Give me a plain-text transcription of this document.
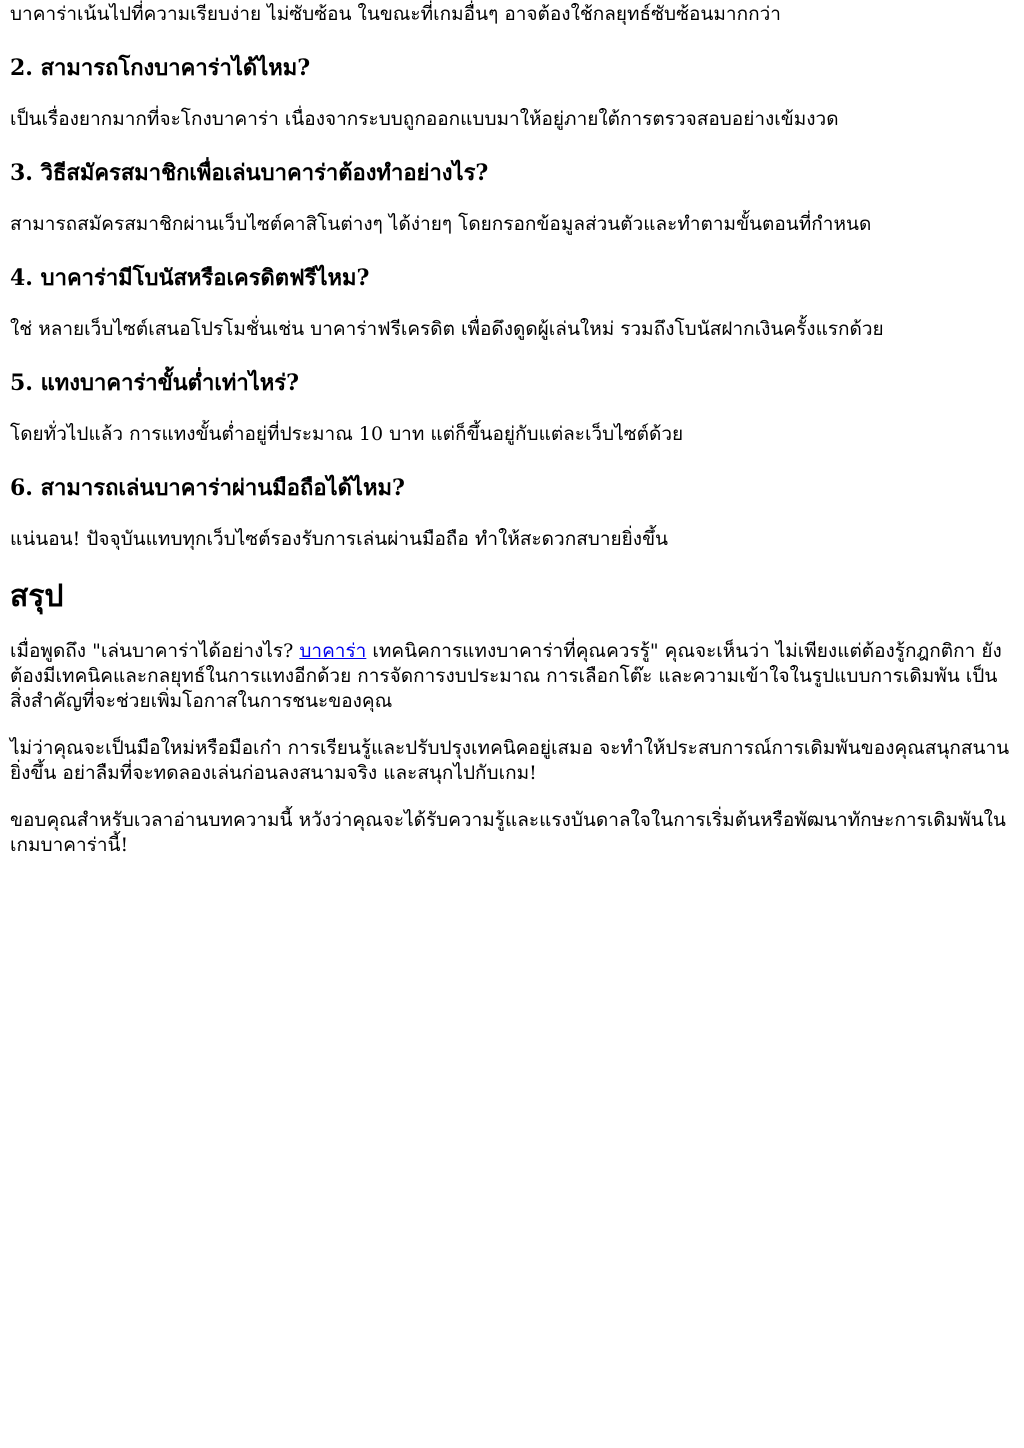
บาคาร่าเน้นไปที่ความเรียบง่าย ไม่ซับซ้อน ในขณะที่เกมอื่นๆ อาจต้องใช้กลยุทธ์ซับซ้อนมากกว่า

2. สามารถโกงบาคาร่าได้ไหม?

เป็นเรื่องยากมากที่จะโกงบาคาร่า เนื่องจากระบบถูกออกแบบมาให้อยู่ภายใต้การตรวจสอบอย่างเข้มงวด

3. วิธีสมัครสมาชิกเพื่อเล่นบาคาร่าต้องทำอย่างไร?

สามารถสมัครสมาชิกผ่านเว็บไซต์คาสิโนต่างๆ ได้ง่ายๆ โดยกรอกข้อมูลส่วนตัวและทำตามขั้นตอนที่กำหนด

4. บาคาร่ามีโบนัสหรือเครดิตฟรีไหม?

ใช่ หลายเว็บไซต์เสนอโปรโมชั่นเช่น บาคาร่าฟรีเครดิต เพื่อดึงดูดผู้เล่นใหม่ รวมถึงโบนัสฝากเงินครั้งแรกด้วย

5. แทงบาคาร่าขั้นต่ำเท่าไหร่?

โดยทั่วไปแล้ว การแทงขั้นต่ำอยู่ที่ประมาณ 10 บาท แต่ก็ขึ้นอยู่กับแต่ละเว็บไซต์ด้วย

6. สามารถเล่นบาคาร่าผ่านมือถือได้ไหม?

แน่นอน! ปัจจุบันแทบทุกเว็บไซต์รองรับการเล่นผ่านมือถือ ทำให้สะดวกสบายยิ่งขึ้น

สรุป

เมื่อพูดถึง "เล่นบาคาร่าได้อย่างไร? บาคาร่า เทคนิคการแทงบาคาร่าที่คุณควรรู้" คุณจะเห็นว่า ไม่เพียงแต่ต้องรู้กฎกติกา ยังต้องมีเทคนิคและกลยุทธ์ในการแทงอีกด้วย การจัดการงบประมาณ การเลือกโต๊ะ และความเข้าใจในรูปแบบการเดิมพัน เป็นสิ่งสำคัญที่จะช่วยเพิ่มโอกาสในการชนะของคุณ

ไม่ว่าคุณจะเป็นมือใหม่หรือมือเก๋า การเรียนรู้และปรับปรุงเทคนิคอยู่เสมอ จะทำให้ประสบการณ์การเดิมพันของคุณสนุกสนานยิ่งขึ้น อย่าลืมที่จะทดลองเล่นก่อนลงสนามจริง และสนุกไปกับเกม!

ขอบคุณสำหรับเวลาอ่านบทความนี้ หวังว่าคุณจะได้รับความรู้และแรงบันดาลใจในการเริ่มต้นหรือพัฒนาทักษะการเดิมพันในเกมบาคาร่านี้!
